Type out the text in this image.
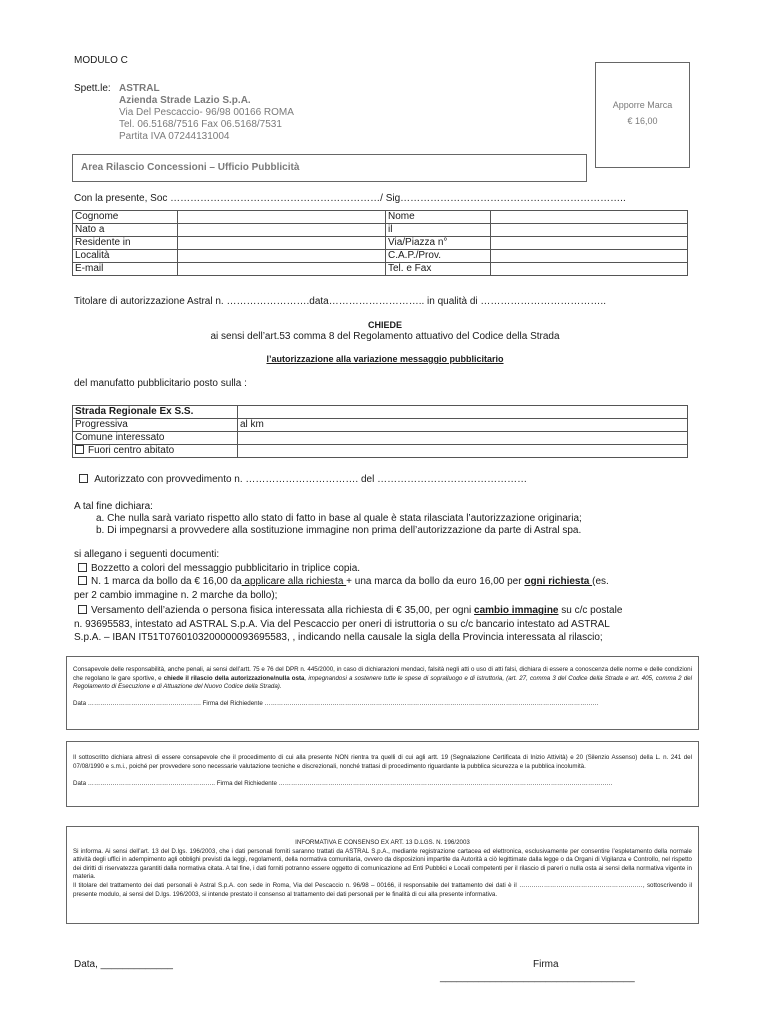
MODULO C
Spett.le: ASTRAL
Azienda Strade Lazio S.p.A.
Via Del Pescaccio- 96/98 00166 ROMA
Tel. 06.5168/7516 Fax 06.5168/7531
Partita IVA 07244131004
Apporre Marca
€ 16,00
Area Rilascio Concessioni – Ufficio Pubblicità
Con la presente, Soc ………………………………………………………/ Sig…………………………………………………………..
Cognome		Nome	
Nato a		il	
Residente in		Via/Piazza n°	
Località		C.A.P./Prov.	
E-mail		Tel. e Fax	
Titolare di autorizzazione Astral n. …………………….data……………………….. in qualità di ………………………………..
CHIEDE
ai sensi dell’art.53 comma 8 del Regolamento attuativo del Codice della Strada
l’autorizzazione alla variazione messaggio pubblicitario
del manufatto pubblicitario posto sulla :
Strada Regionale Ex S.S.	
Progressiva	al km
Comune interessato	
Fuori centro abitato	
Autorizzato con provvedimento n. ……………………………. del ………………………………………
A tal fine dichiara:
a. Che nulla sarà variato rispetto allo stato di fatto in base al quale è stata rilasciata l’autorizzazione originaria;
b. Di impegnarsi a provvedere alla sostituzione immagine non prima dell’autorizzazione da parte di Astral spa.
si allegano i seguenti documenti:
Bozzetto a colori del messaggio pubblicitario in triplice copia.
N. 1 marca da bollo da € 16,00 da applicare alla richiesta + una marca da bollo da euro 16,00 per ogni richiesta (es.
per 2 cambio immagine n. 2 marche da bollo);
Versamento dell’azienda o persona fisica interessata alla richiesta di € 35,00, per ogni cambio immagine su c/c postale
n. 93695583, intestato ad ASTRAL S.p.A. Via del Pescaccio per oneri di istruttoria o su c/c bancario intestato ad ASTRAL
S.p.A. – IBAN IT51T0760103200000093695583, , indicando nella causale la sigla della Provincia interessata al rilascio;
Consapevole delle responsabilità, anche penali, ai sensi dell’artt. 75 e 76 del DPR n. 445/2000, in caso di dichiarazioni mendaci, falsità negli atti o uso di atti falsi, dichiara di essere a conoscenza delle norme e delle condizioni che regolano le gare sportive, e chiede il rilascio della autorizzazione/nulla osta, impegnandosi a sostenere tutte le spese di sopralluogo e di istruttoria, (art. 27, comma 3 del Codice della Strada e art. 405, comma 2 del Regolamento di Esecuzione e di Attuazione del Nuovo Codice della Strada).
Data ………………………………………………. Firma del Richiedente ………………………………………………………………………………………………………………………………………………
Il sottoscritto dichiara altresì di essere consapevole che il procedimento di cui alla presente NON rientra tra quelli di cui agli artt. 19 (Segnalazione Certificata di Inizio Attività) e 20 (Silenzio Assenso) della L. n. 241 del 07/08/1990 e s.m.i., poiché per provvedere sono necessarie valutazione tecniche e discrezionali, nonché trattasi di procedimento riguardante la pubblica sicurezza e la pubblica incolumità.
Data …………………………………………………….. Firma del Richiedente ………………………………………………………………………………………………………………………………………………
INFORMATIVA E CONSENSO EX ART. 13 D.LGS. N. 196/2003
Si informa. Ai sensi dell’art. 13 del D.lgs. 196/2003, che i dati personali forniti saranno trattati da ASTRAL S.p.A., mediante registrazione cartacea ed elettronica, esclusivamente per consentire l’espletamento della normale attività degli uffici in adempimento agli obblighi previsti da leggi, regolamenti, della normativa comunitaria, ovvero da disposizioni impartite da Autorità a ciò legittimate dalla legge o da Organi di Vigilanza e Controllo, nel rispetto dei diritti di riservatezza garantiti dalla normativa citata. A tal fine, i dati forniti potranno essere oggetto di comunicazione ad Enti Pubblici e Locali competenti per il rilascio di pareri o nulla osta ai sensi della normativa vigente in materia.
Il titolare del trattamento dei dati personali è Astral S.p.A. con sede in Roma, Via del Pescaccio n. 96/98 – 00166, il responsabile del trattamento dei dati è il ……………………………………………………, sottoscrivendo il presente modulo, ai sensi del D.lgs. 196/2003, si intende prestato il consenso al trattamento dei dati personali per le finalità di cui alla presente informativa.
Data, _____________	Firma
___________________________________
